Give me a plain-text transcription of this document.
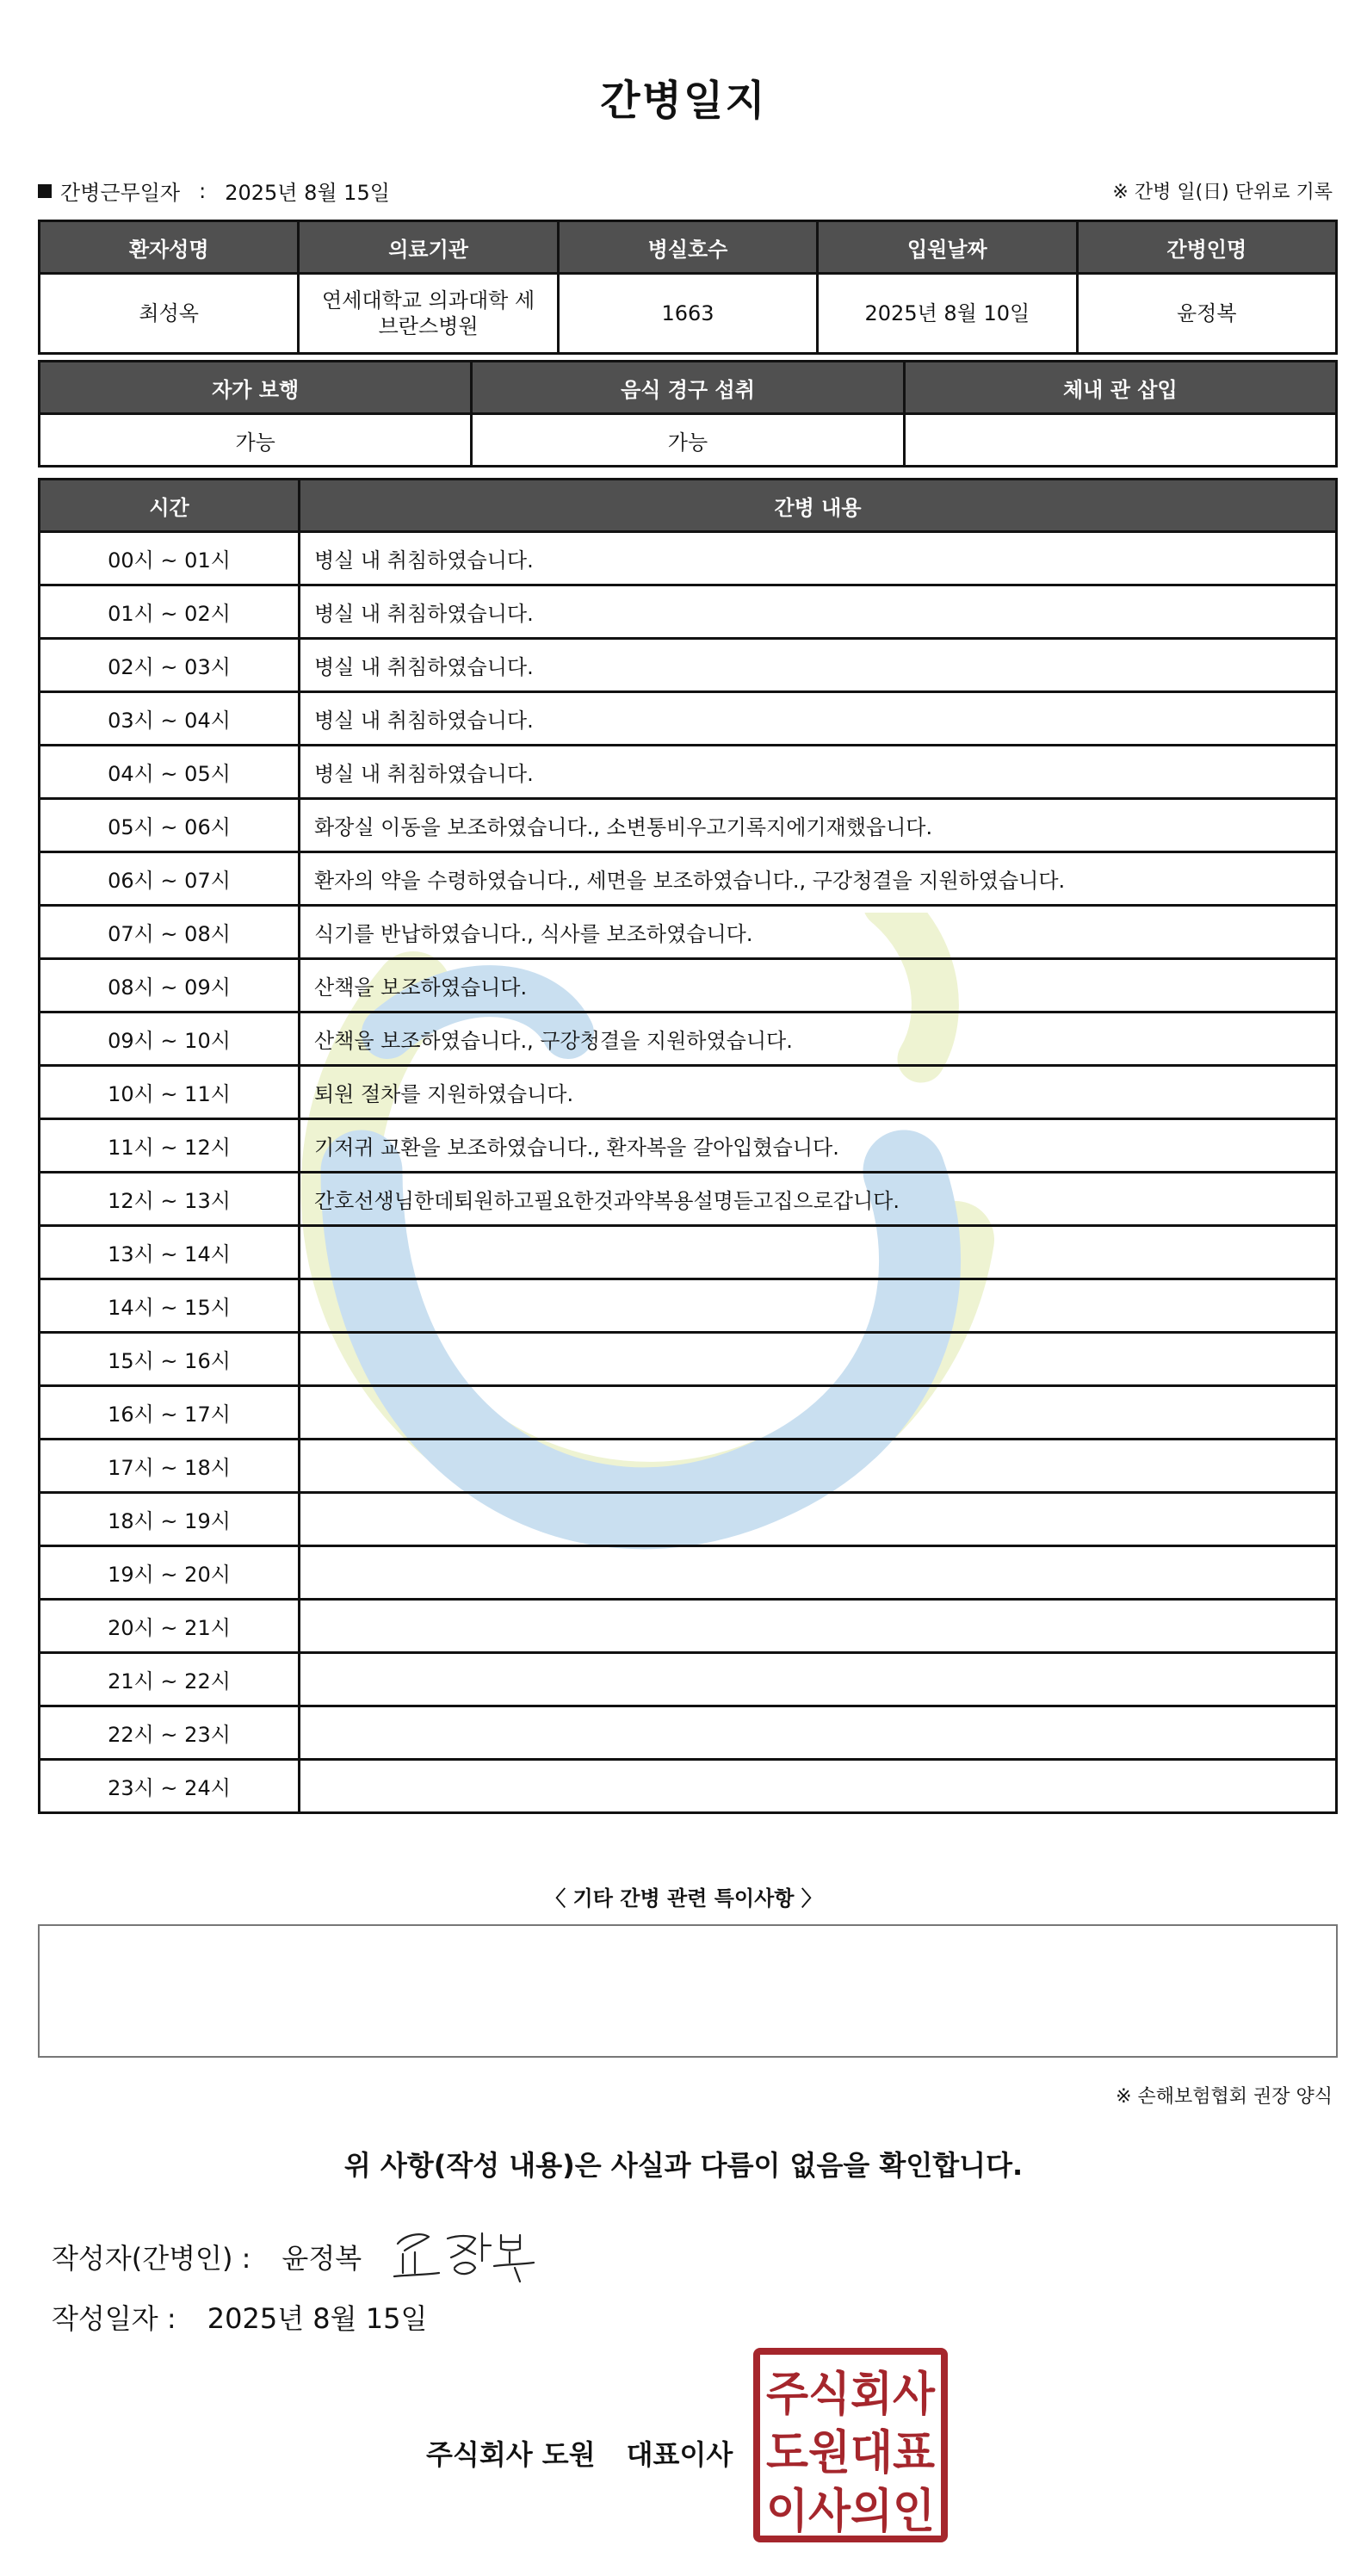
간병일지
간병근무일자 : 2025년 8월 15일	※ 간병 일(日) 단위로 기록
환자성명	의료기관	병실호수	입원날짜	간병인명
최성옥	연세대학교 의과대학 세브란스병원	1663	2025년 8월 10일	윤정복
자가 보행	음식 경구 섭취	체내 관 삽입
가능	가능	
시간	간병 내용
00시 ~ 01시	병실 내 취침하였습니다.
01시 ~ 02시	병실 내 취침하였습니다.
02시 ~ 03시	병실 내 취침하였습니다.
03시 ~ 04시	병실 내 취침하였습니다.
04시 ~ 05시	병실 내 취침하였습니다.
05시 ~ 06시	화장실 이동을 보조하였습니다., 소변통비우고기록지에기재했읍니다.
06시 ~ 07시	환자의 약을 수령하였습니다., 세면을 보조하였습니다., 구강청결을 지원하였습니다.
07시 ~ 08시	식기를 반납하였습니다., 식사를 보조하였습니다.
08시 ~ 09시	산책을 보조하였습니다.
09시 ~ 10시	산책을 보조하였습니다., 구강청결을 지원하였습니다.
10시 ~ 11시	퇴원 절차를 지원하였습니다.
11시 ~ 12시	기저귀 교환을 보조하였습니다., 환자복을 갈아입혔습니다.
12시 ~ 13시	간호선생님한데퇴원하고필요한것과약복용설명듣고집으로갑니다.
13시 ~ 14시	
14시 ~ 15시	
15시 ~ 16시	
16시 ~ 17시	
17시 ~ 18시	
18시 ~ 19시	
19시 ~ 20시	
20시 ~ 21시	
21시 ~ 22시	
22시 ~ 23시	
23시 ~ 24시	
〈 기타 간병 관련 특이사항 〉
※ 손해보험협회 권장 양식
위 사항(작성 내용)은 사실과 다름이 없음을 확인합니다.
작성자(간병인) : 윤정복
작성일자 : 2025년 8월 15일
주식회사 도원 대표이사
주식회사
도원대표
이사의인
